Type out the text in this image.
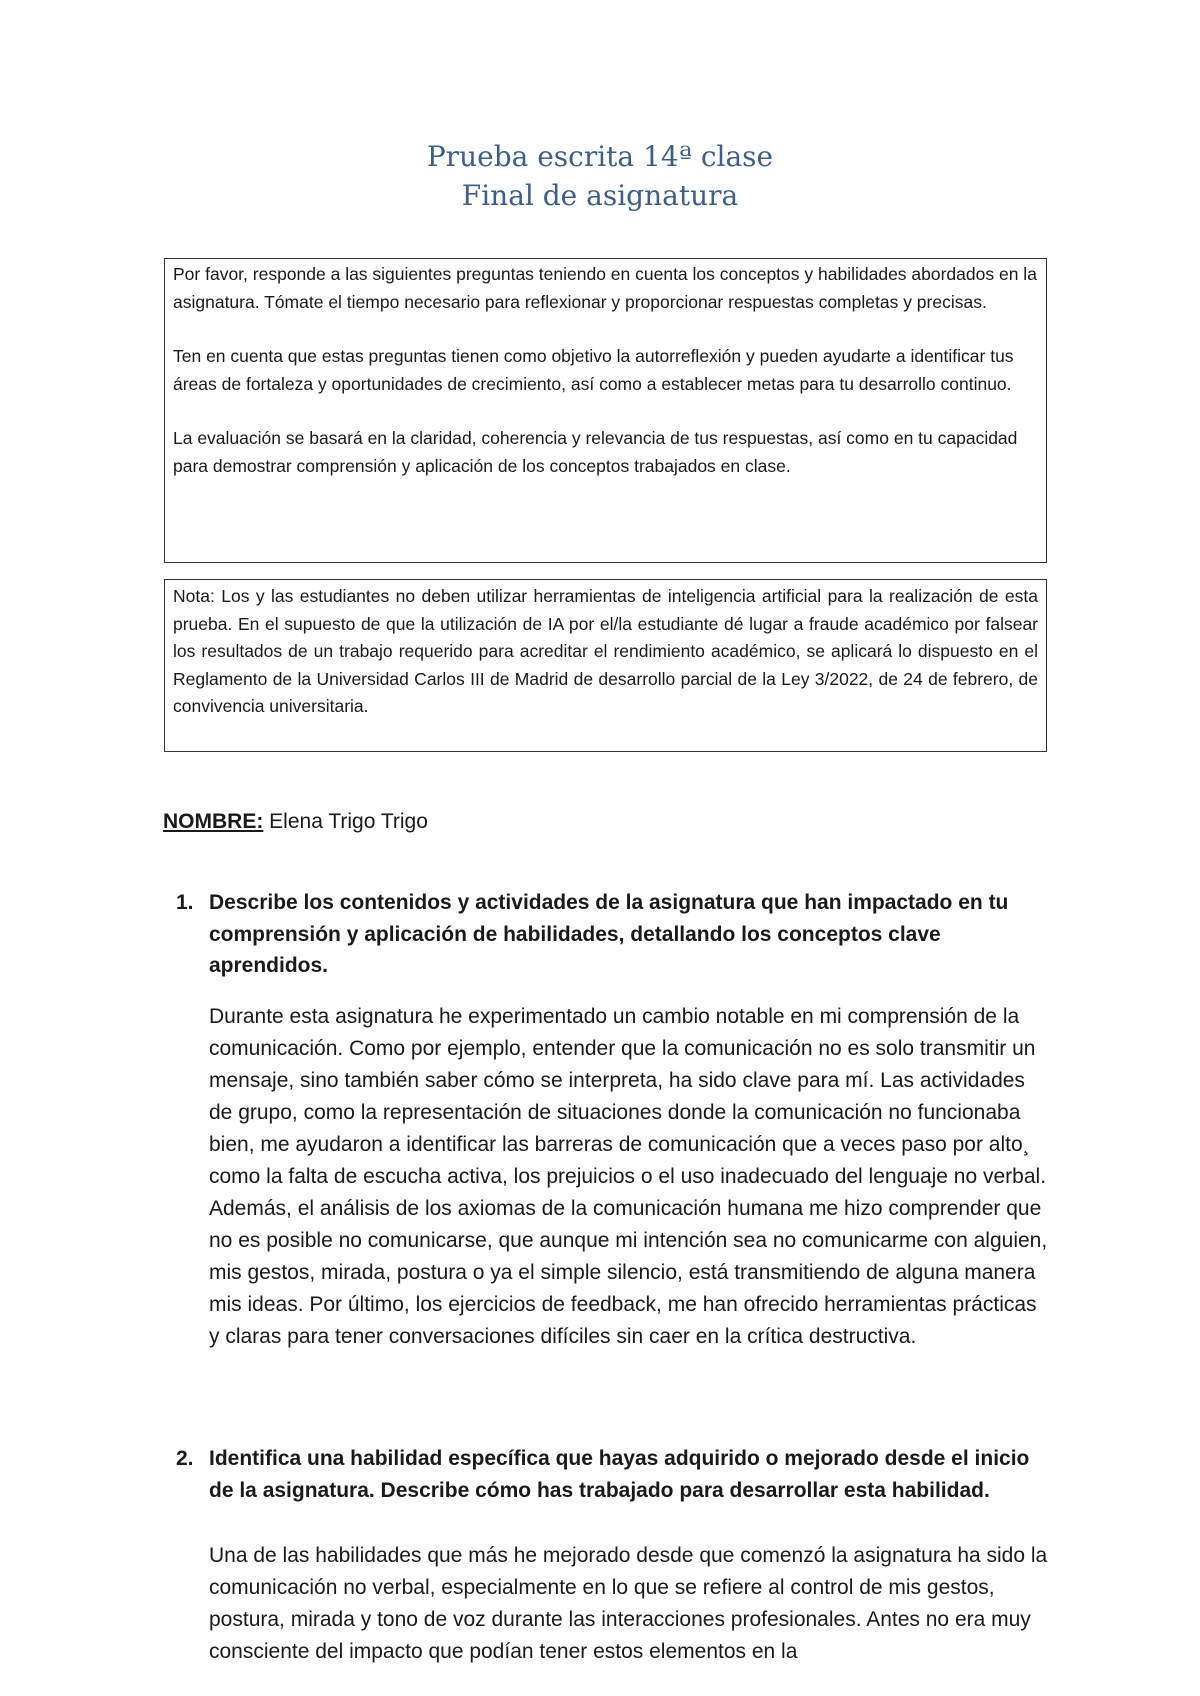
Prueba escrita 14ª clase
Final de asignatura

Por favor, responde a las siguientes preguntas teniendo en cuenta los conceptos y habilidades abordados en la asignatura. Tómate el tiempo necesario para reflexionar y proporcionar respuestas completas y precisas.

Ten en cuenta que estas preguntas tienen como objetivo la autorreflexión y pueden ayudarte a identificar tus áreas de fortaleza y oportunidades de crecimiento, así como a establecer metas para tu desarrollo continuo.

La evaluación se basará en la claridad, coherencia y relevancia de tus respuestas, así como en tu capacidad para demostrar comprensión y aplicación de los conceptos trabajados en clase.

Nota: Los y las estudiantes no deben utilizar herramientas de inteligencia artificial para la realización de esta prueba. En el supuesto de que la utilización de IA por el/la estudiante dé lugar a fraude académico por falsear los resultados de un trabajo requerido para acreditar el rendimiento académico, se aplicará lo dispuesto en el Reglamento de la Universidad Carlos III de Madrid de desarrollo parcial de la Ley 3/2022, de 24 de febrero, de convivencia universitaria.
NOMBRE: Elena Trigo Trigo
1. Describe los contenidos y actividades de la asignatura que han impactado en tu comprensión y aplicación de habilidades, detallando los conceptos clave aprendidos.
Durante esta asignatura he experimentado un cambio notable en mi comprensión de la comunicación. Como por ejemplo, entender que la comunicación no es solo transmitir un mensaje, sino también saber cómo se interpreta, ha sido clave para mí. Las actividades de grupo, como la representación de situaciones donde la comunicación no funcionaba bien, me ayudaron a identificar las barreras de comunicación que a veces paso por alto¸ como la falta de escucha activa, los prejuicios o el uso inadecuado del lenguaje no verbal. Además, el análisis de los axiomas de la comunicación humana me hizo comprender que no es posible no comunicarse, que aunque mi intención sea no comunicarme con alguien, mis gestos, mirada, postura o ya el simple silencio, está transmitiendo de alguna manera mis ideas. Por último, los ejercicios de feedback, me han ofrecido herramientas prácticas y claras para tener conversaciones difíciles sin caer en la crítica destructiva.
2. Identifica una habilidad específica que hayas adquirido o mejorado desde el inicio de la asignatura. Describe cómo has trabajado para desarrollar esta habilidad.
Una de las habilidades que más he mejorado desde que comenzó la asignatura ha sido la comunicación no verbal, especialmente en lo que se refiere al control de mis gestos, postura, mirada y tono de voz durante las interacciones profesionales. Antes no era muy consciente del impacto que podían tener estos elementos en la
